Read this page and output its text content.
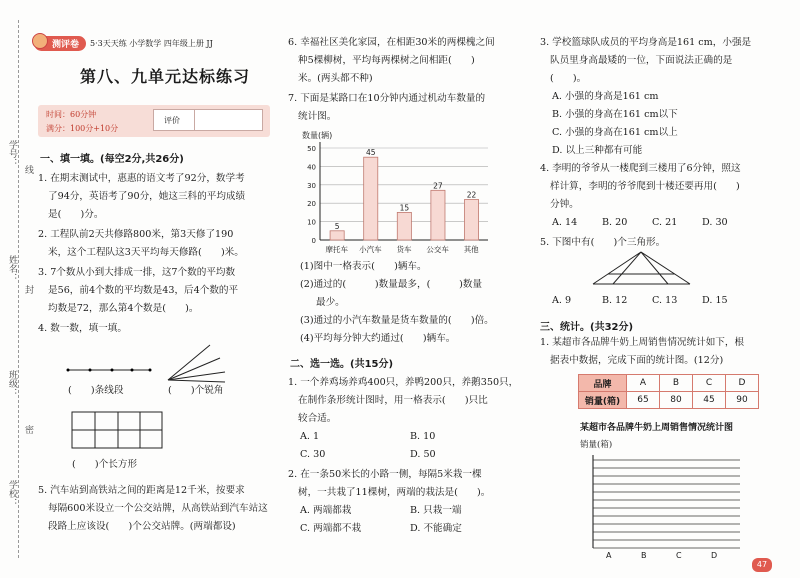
学号：
线
姓名：
封
班级：
密
学校：
测评卷	5·3天天练 小学数学 四年级上册 JJ
第八、九单元达标练习
时间：60分钟
满分：100分+10分
评价
一、填一填。(每空2分,共26分)
1. 在期末测试中，惠惠的语文考了92分，数学考
了94分，英语考了90分，她这三科的平均成绩
是(　　)分。
2. 工程队前2天共修路800米，第3天修了190
米，这个工程队这3天平均每天修路(　　)米。
3. 7个数从小到大排成一排，这7个数的平均数
是56，前4个数的平均数是43，后4个数的平
均数是72，那么第4个数是(　　)。
4. 数一数，填一填。
(　　)条线段	(　　)个锐角
(　　)个长方形
5. 汽车站到高铁站之间的距离是12千米，按要求
每隔600米设立一个公交站牌，从高铁站到汽车站这
段路上应该设(　　)个公交站牌。(两端都设)
6. 幸福社区美化家园，在相距30米的两棵槐之间
种5棵柳树，平均每两棵树之间相距(　　)
米。(两头都不种)
7. 下面是某路口在10分钟内通过机动车数量的
统计图。
数量(辆)
0
10
20
30
40
50
5
摩托车
45
小汽车
15
货车
27
公交车
22
其他
(1)图中一格表示(　　)辆车。
(2)通过的(　　　)数量最多，(　　　)数量
最少。
(3)通过的小汽车数量是货车数量的(　　)倍。
(4)平均每分钟大约通过(　　)辆车。
二、选一选。(共15分)
1. 一个养鸡场养鸡400只，养鸭200只，养鹅350只，
在制作条形统计图时，用一格表示(　　)只比
较合适。
A. 1	B. 10
C. 30	D. 50
2. 在一条50米长的小路一侧，每隔5米栽一棵
树，一共栽了11棵树，两端的栽法是(　　)。
A. 两端都栽	B. 只栽一端
C. 两端都不栽	D. 不能确定
3. 学校篮球队成员的平均身高是161 cm，小强是
队员里身高最矮的一位，下面说法正确的是
(　　)。
A. 小强的身高是161 cm
B. 小强的身高在161 cm以下
C. 小强的身高在161 cm以上
D. 以上三种都有可能
4. 李明的爷爷从一楼爬到三楼用了6分钟，照这
样计算，李明的爷爷爬到十楼还要再用(　　)
分钟。
A. 14	B. 20	C. 21	D. 30
5. 下图中有(　　)个三角形。
A. 9	B. 12	C. 13	D. 15
三、统计。(共32分)
1. 某超市各品牌牛奶上周销售情况统计如下，根
据表中数据，完成下面的统计图。(12分)
品牌	A	B	C	D
销量(箱)	65	80	45	90
某超市各品牌牛奶上周销售情况统计图
销量(箱)
A	B	C	D
47
